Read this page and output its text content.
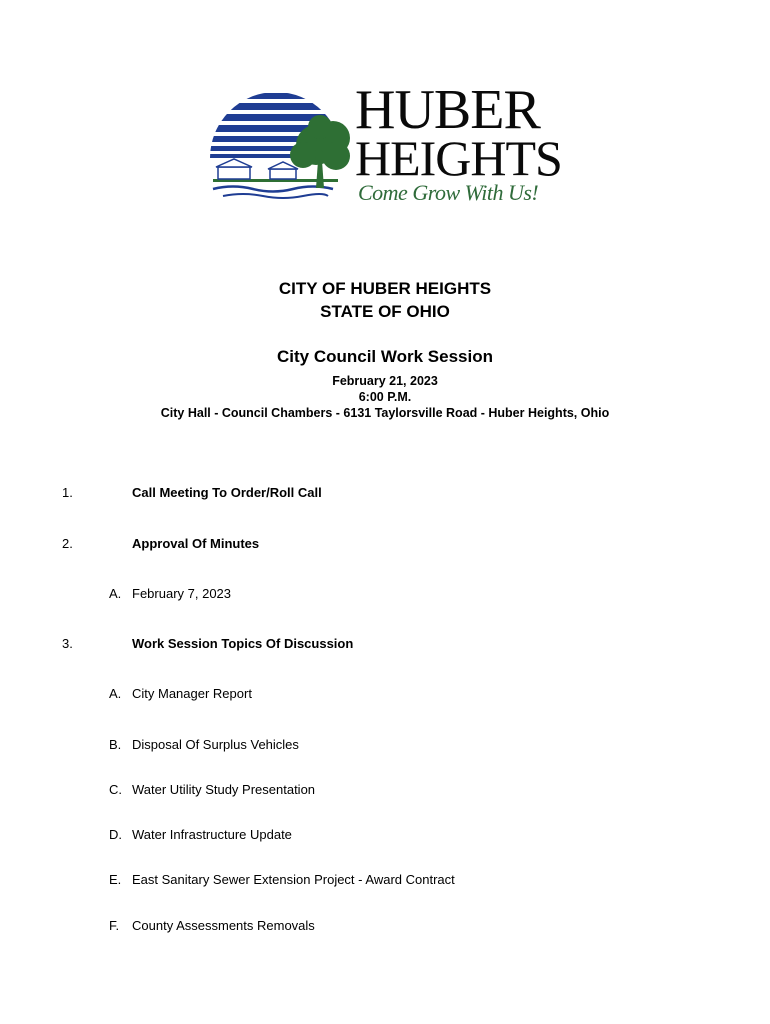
HUBER
HEIGHTS
Come Grow With Us!
CITY OF HUBER HEIGHTS
STATE OF OHIO
City Council Work Session
February 21, 2023
6:00 P.M.
City Hall - Council Chambers - 6131 Taylorsville Road - Huber Heights, Ohio
1.	Call Meeting To Order/Roll Call
2.	Approval Of Minutes
A. February 7, 2023
3.	Work Session Topics Of Discussion
A. City Manager Report
B. Disposal Of Surplus Vehicles
C. Water Utility Study Presentation
D. Water Infrastructure Update
E. East Sanitary Sewer Extension Project - Award Contract
F. County Assessments Removals
